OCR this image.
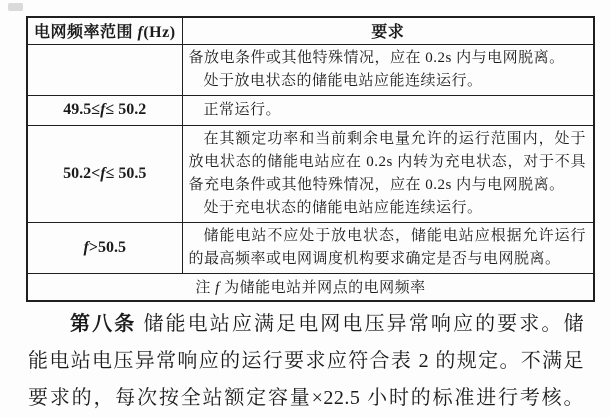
电网频率范围 f(Hz)	要求

	备放电条件或其他特殊情况，应在 0.2s 内与电网脱离。

处于放电状态的储能电站应能连续运行。

49.5≤f≤ 50.2	正常运行。

50.2<f≤ 50.5	在其额定功率和当前剩余电量允许的运行范围内，处于放电状态的储能电站应在 0.2s 内转为充电状态，对于不具备充电条件或其他特殊情况，应在 0.2s 内与电网脱离。

处于充电状态的储能电站应能连续运行。

f>50.5	储能电站不应处于放电状态，储能电站应根据允许运行的最高频率或电网调度机构要求确定是否与电网脱离。

注 f 为储能电站并网点的电网频率	
第八条 储能电站应满足电网电压异常响应的要求。储
能电站电压异常响应的运行要求应符合表 2 的规定。不满足
要求的，每次按全站额定容量×22.5 小时的标准进行考核。
